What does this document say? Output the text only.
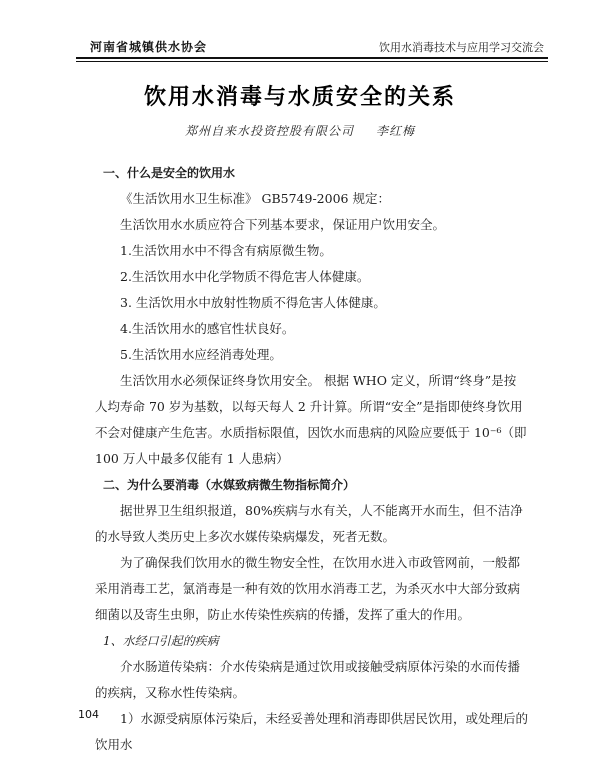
河南省城镇供水协会	饮用水消毒技术与应用学习交流会
饮用水消毒与水质安全的关系
郑州自来水投资控股有限公司 李红梅

一、什么是安全的饮用水

《生活饮用水卫生标准》 GB5749-2006 规定：

生活饮用水水质应符合下列基本要求，保证用户饮用安全。

1.生活饮用水中不得含有病原微生物。

2.生活饮用水中化学物质不得危害人体健康。

3. 生活饮用水中放射性物质不得危害人体健康。

4.生活饮用水的感官性状良好。

5.生活饮用水应经消毒处理。

生活饮用水必须保证终身饮用安全。 根据 WHO 定义，所谓“终身”是按人均寿命 70 岁为基数，以每天每人 2 升计算。所谓“安全”是指即使终身饮用不会对健康产生危害。水质指标限值，因饮水而患病的风险应要低于 10⁻⁶（即 100 万人中最多仅能有 1 人患病）

二、为什么要消毒（水媒致病微生物指标简介）

据世界卫生组织报道，80%疾病与水有关，人不能离开水而生，但不洁净的水导致人类历史上多次水媒传染病爆发，死者无数。

为了确保我们饮用水的微生物安全性，在饮用水进入市政管网前，一般都采用消毒工艺，氯消毒是一种有效的饮用水消毒工艺，为杀灭水中大部分致病细菌以及寄生虫卵，防止水传染性疾病的传播，发挥了重大的作用。

1、水经口引起的疾病

介水肠道传染病：介水传染病是通过饮用或接触受病原体污染的水而传播的疾病，又称水性传染病。

1）水源受病原体污染后，未经妥善处理和消毒即供居民饮用，或处理后的饮用水

104
